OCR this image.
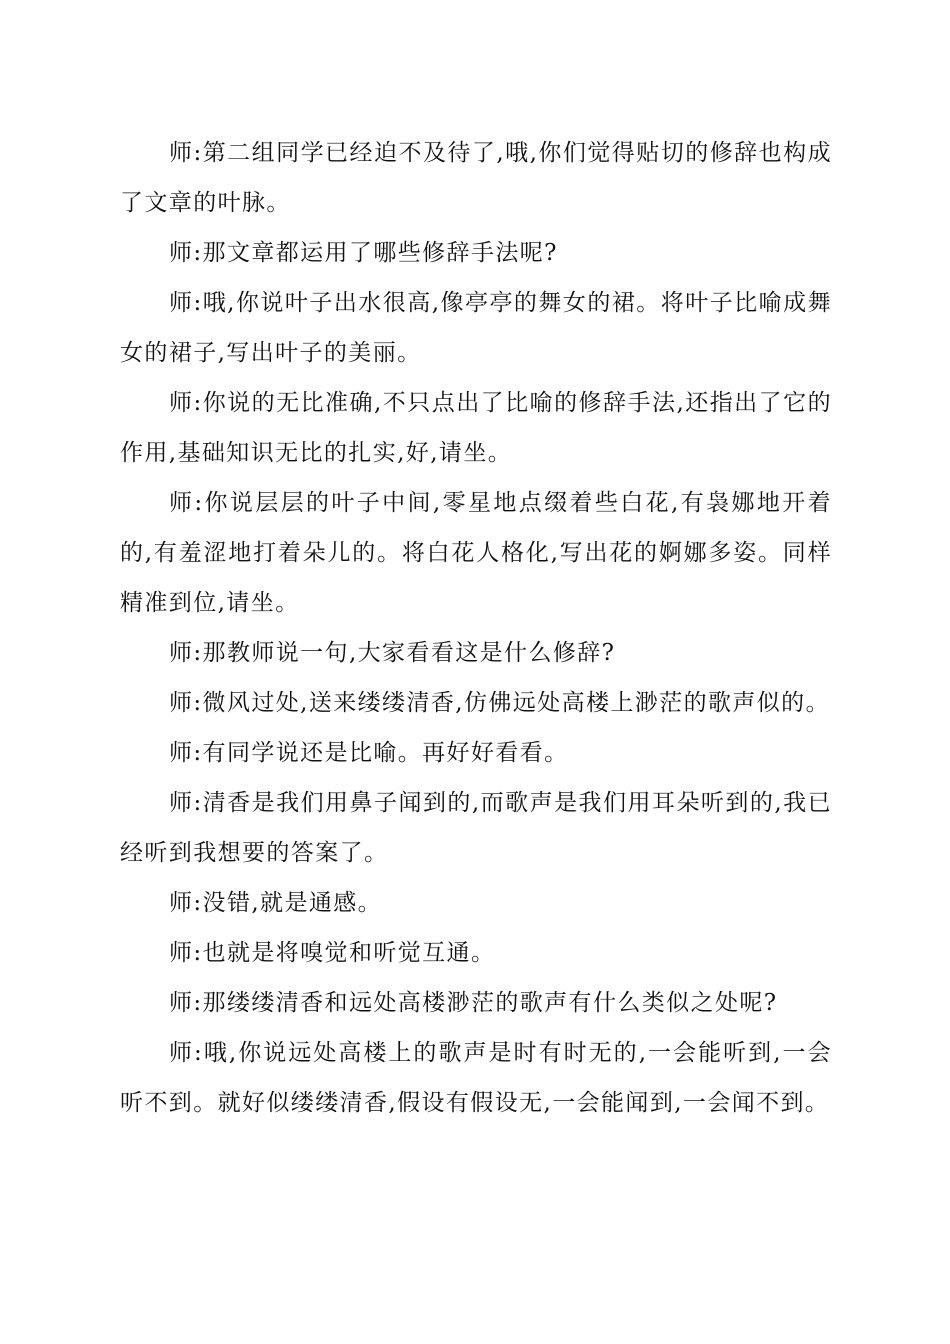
师:第二组同学已经迫不及待了,哦,你们觉得贴切的修辞也构成了文章的叶脉。

师:那文章都运用了哪些修辞手法呢?

师:哦,你说叶子出水很高,像亭亭的舞女的裙。将叶子比喻成舞女的裙子,写出叶子的美丽。

师:你说的无比准确,不只点出了比喻的修辞手法,还指出了它的作用,基础知识无比的扎实,好,请坐。

师:你说层层的叶子中间,零星地点缀着些白花,有袅娜地开着的,有羞涩地打着朵儿的。将白花人格化,写出花的婀娜多姿。同样精准到位,请坐。

师:那教师说一句,大家看看这是什么修辞?

师:微风过处,送来缕缕清香,仿佛远处高楼上渺茫的歌声似的。

师:有同学说还是比喻。再好好看看。

师:清香是我们用鼻子闻到的,而歌声是我们用耳朵听到的,我已经听到我想要的答案了。

师:没错,就是通感。

师:也就是将嗅觉和听觉互通。

师:那缕缕清香和远处高楼渺茫的歌声有什么类似之处呢?

师:哦,你说远处高楼上的歌声是时有时无的,一会能听到,一会听不到。就好似缕缕清香,假设有假设无,一会能闻到,一会闻不到。
